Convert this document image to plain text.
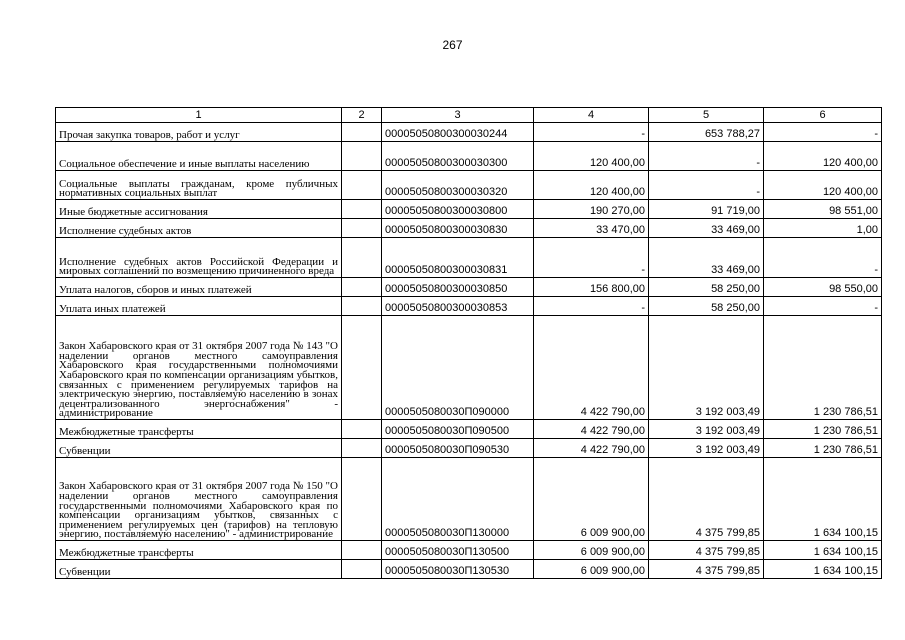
267
1	2	3	4	5	6
Прочая закупка товаров, работ и услуг		00005050800300030244	-	653 788,27	-
Социальное обеспечение и иные выплаты населению		00005050800300030300	120 400,00	-	120 400,00
Социальные выплаты гражданам, кроме публичных нормативных социальных выплат		00005050800300030320	120 400,00	-	120 400,00
Иные бюджетные ассигнования		00005050800300030800	190 270,00	91 719,00	98 551,00
Исполнение судебных актов		00005050800300030830	33 470,00	33 469,00	1,00
Исполнение судебных актов Российской Федерации и мировых соглашений по возмещению причиненного вреда		00005050800300030831	-	33 469,00	-
Уплата налогов, сборов и иных платежей		00005050800300030850	156 800,00	58 250,00	98 550,00
Уплата иных платежей		00005050800300030853	-	58 250,00	-
Закон Хабаровского края от 31 октября 2007 года № 143 "О наделении органов местного самоуправления Хабаровского края государственными полномочиями Хабаровского края по компенсации организациям убытков, связанных с применением регулируемых тарифов на электрическую энергию, поставляемую населению в зонах децентрализованного энергоснабжения" - администрирование		0000505080030П090000	4 422 790,00	3 192 003,49	1 230 786,51
Межбюджетные трансферты		0000505080030П090500	4 422 790,00	3 192 003,49	1 230 786,51
Субвенции		0000505080030П090530	4 422 790,00	3 192 003,49	1 230 786,51
Закон Хабаровского края от 31 октября 2007 года № 150 "О наделении органов местного самоуправления государственными полномочиями Хабаровского края по компенсации организациям убытков, связанных с применением регулируемых цен (тарифов) на тепловую энергию, поставляемую населению" - администрирование		0000505080030П130000	6 009 900,00	4 375 799,85	1 634 100,15
Межбюджетные трансферты		0000505080030П130500	6 009 900,00	4 375 799,85	1 634 100,15
Субвенции		0000505080030П130530	6 009 900,00	4 375 799,85	1 634 100,15
